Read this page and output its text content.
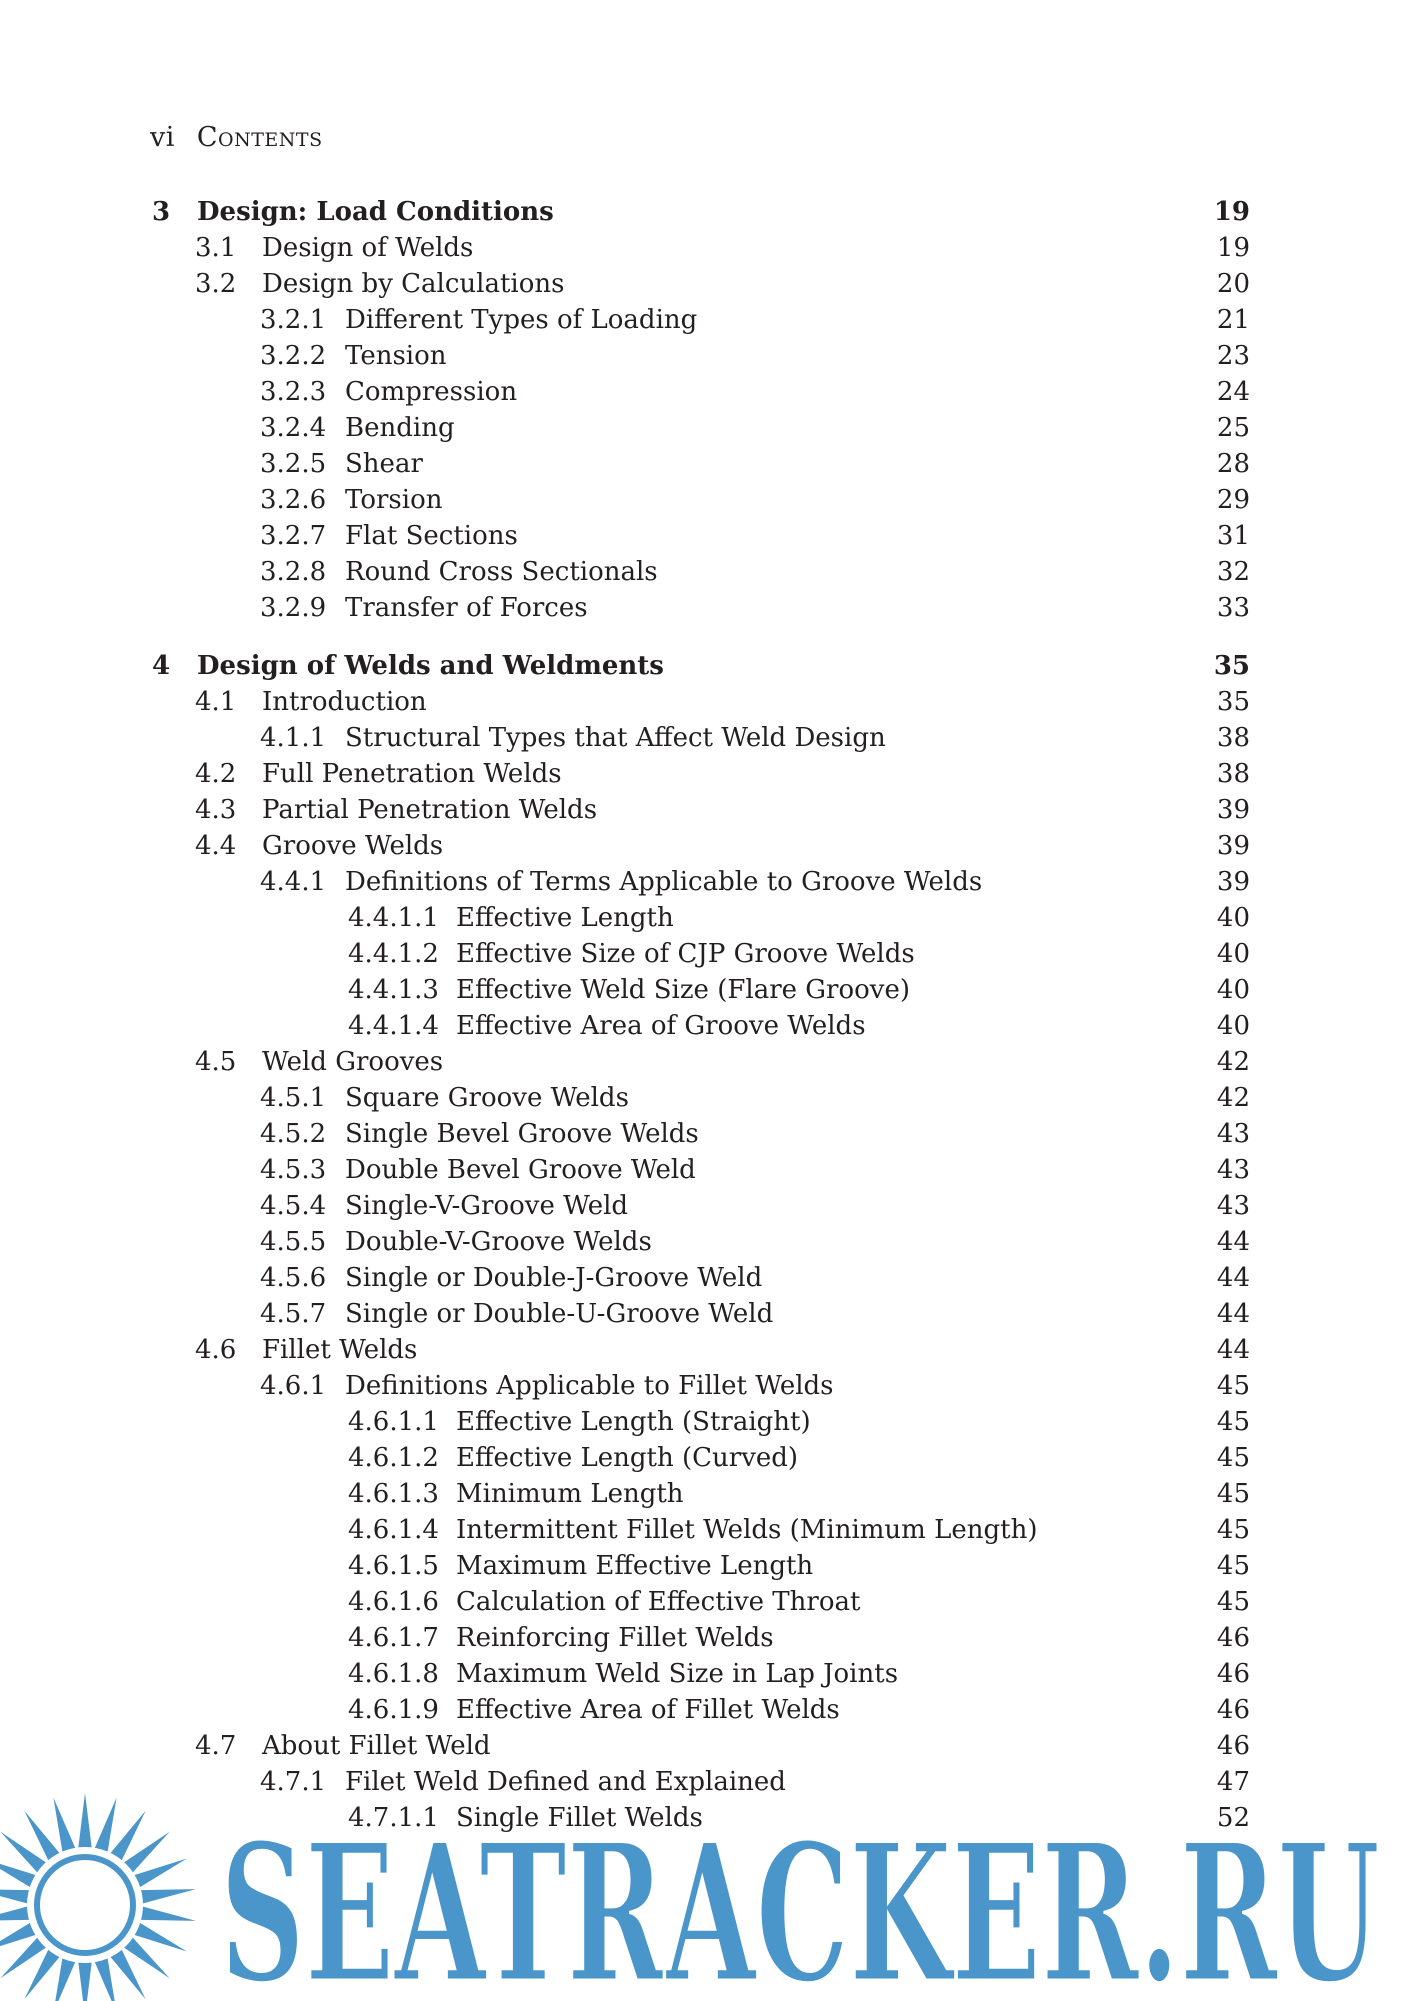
vi Contents
3 Design: Load Conditions	19
3.1 Design of Welds	19
3.2 Design by Calculations	20
3.2.1 Different Types of Loading	21
3.2.2 Tension	23
3.2.3 Compression	24
3.2.4 Bending	25
3.2.5 Shear	28
3.2.6 Torsion	29
3.2.7 Flat Sections	31
3.2.8 Round Cross Sectionals	32
3.2.9 Transfer of Forces	33
4 Design of Welds and Weldments	35
4.1 Introduction	35
4.1.1 Structural Types that Affect Weld Design	38
4.2 Full Penetration Welds	38
4.3 Partial Penetration Welds	39
4.4 Groove Welds	39
4.4.1 Definitions of Terms Applicable to Groove Welds	39
4.4.1.1 Effective Length	40
4.4.1.2 Effective Size of CJP Groove Welds	40
4.4.1.3 Effective Weld Size (Flare Groove)	40
4.4.1.4 Effective Area of Groove Welds	40
4.5 Weld Grooves	42
4.5.1 Square Groove Welds	42
4.5.2 Single Bevel Groove Welds	43
4.5.3 Double Bevel Groove Weld	43
4.5.4 Single-V-Groove Weld	43
4.5.5 Double-V-Groove Welds	44
4.5.6 Single or Double-J-Groove Weld	44
4.5.7 Single or Double-U-Groove Weld	44
4.6 Fillet Welds	44
4.6.1 Definitions Applicable to Fillet Welds	45
4.6.1.1 Effective Length (Straight)	45
4.6.1.2 Effective Length (Curved)	45
4.6.1.3 Minimum Length	45
4.6.1.4 Intermittent Fillet Welds (Minimum Length)	45
4.6.1.5 Maximum Effective Length	45
4.6.1.6 Calculation of Effective Throat	45
4.6.1.7 Reinforcing Fillet Welds	46
4.6.1.8 Maximum Weld Size in Lap Joints	46
4.6.1.9 Effective Area of Fillet Welds	46
4.7 About Fillet Weld	46
4.7.1 Filet Weld Defined and Explained	47
4.7.1.1 Single Fillet Welds	52
SEATRACKER.RU
